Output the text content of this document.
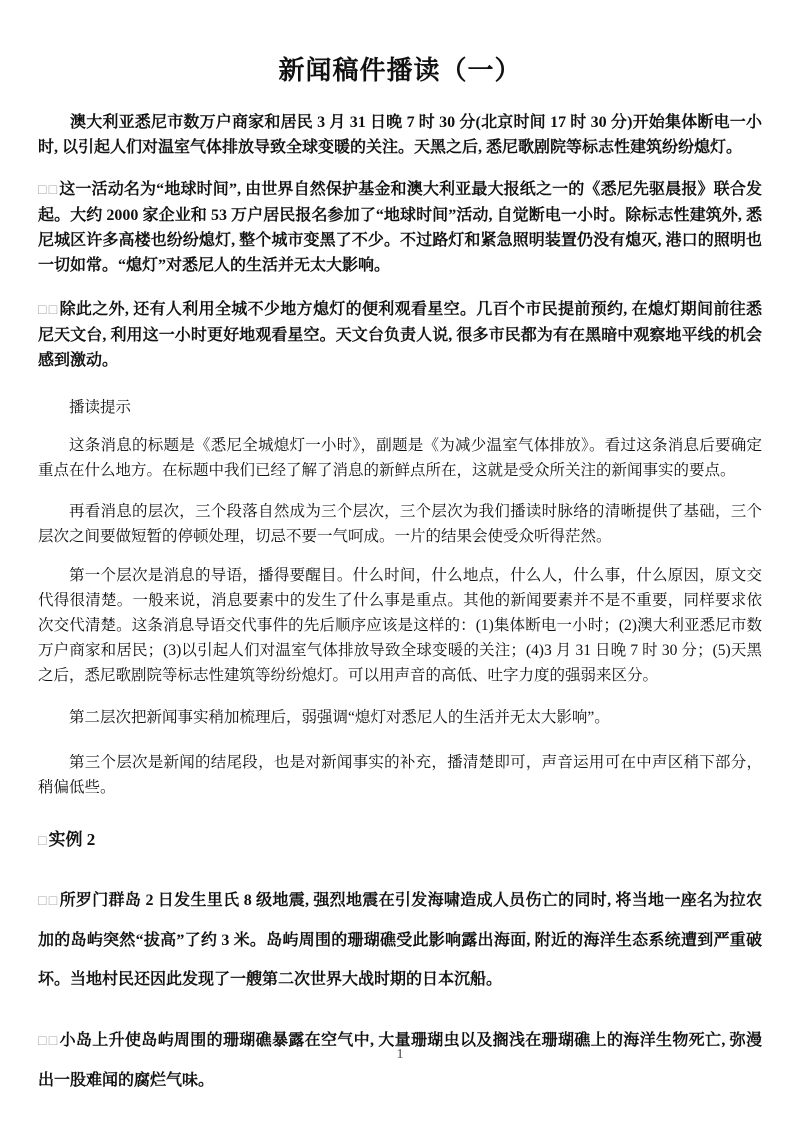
新闻稿件播读（一）

澳大利亚悉尼市数万户商家和居民 3 月 31 日晚 7 时 30 分(北京时间 17 时 30 分)开始集体断电一小时, 以引起人们对温室气体排放导致全球变暖的关注。天黑之后, 悉尼歌剧院等标志性建筑纷纷熄灯。

□□这一活动名为“地球时间”, 由世界自然保护基金和澳大利亚最大报纸之一的《悉尼先驱晨报》联合发起。大约 2000 家企业和 53 万户居民报名参加了“地球时间”活动, 自觉断电一小时。除标志性建筑外, 悉尼城区许多高楼也纷纷熄灯, 整个城市变黑了不少。不过路灯和紧急照明装置仍没有熄灭, 港口的照明也一切如常。“熄灯”对悉尼人的生活并无太大影响。

□□除此之外, 还有人利用全城不少地方熄灯的便利观看星空。几百个市民提前预约, 在熄灯期间前往悉尼天文台, 利用这一小时更好地观看星空。天文台负责人说, 很多市民都为有在黑暗中观察地平线的机会感到激动。

播读提示

这条消息的标题是《悉尼全城熄灯一小时》，副题是《为减少温室气体排放》。看过这条消息后要确定重点在什么地方。在标题中我们已经了解了消息的新鲜点所在，这就是受众所关注的新闻事实的要点。

再看消息的层次，三个段落自然成为三个层次，三个层次为我们播读时脉络的清晰提供了基础，三个层次之间要做短暂的停顿处理，切忌不要一气呵成。一片的结果会使受众听得茫然。

第一个层次是消息的导语，播得要醒目。什么时间，什么地点，什么人，什么事，什么原因，原文交代得很清楚。一般来说，消息要素中的发生了什么事是重点。其他的新闻要素并不是不重要，同样要求依次交代清楚。这条消息导语交代事件的先后顺序应该是这样的：(1)集体断电一小时；(2)澳大利亚悉尼市数万户商家和居民；(3)以引起人们对温室气体排放导致全球变暖的关注；(4)3 月 31 日晚 7 时 30 分；(5)天黑之后，悉尼歌剧院等标志性建筑等纷纷熄灯。可以用声音的高低、吐字力度的强弱来区分。

第二层次把新闻事实稍加梳理后，弱强调“熄灯对悉尼人的生活并无太大影响”。

第三个层次是新闻的结尾段，也是对新闻事实的补充，播清楚即可，声音运用可在中声区稍下部分，稍偏低些。

□实例 2

□□所罗门群岛 2 日发生里氏 8 级地震, 强烈地震在引发海啸造成人员伤亡的同时, 将当地一座名为拉农加的岛屿突然“拔高”了约 3 米。岛屿周围的珊瑚礁受此影响露出海面, 附近的海洋生态系统遭到严重破坏。当地村民还因此发现了一艘第二次世界大战时期的日本沉船。

□□小岛上升使岛屿周围的珊瑚礁暴露在空气中, 大量珊瑚虫以及搁浅在珊瑚礁上的海洋生物死亡, 弥漫出一股难闻的腐烂气味。

1
